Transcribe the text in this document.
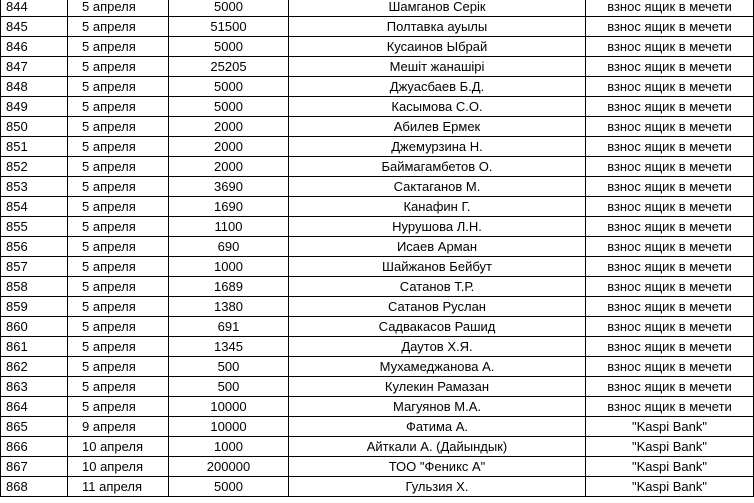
844	5 апреля	5000	Шамганов Серік	взнос ящик в мечети
845	5 апреля	51500	Полтавка ауылы	взнос ящик в мечети
846	5 апреля	5000	Кусаинов Ыбрай	взнос ящик в мечети
847	5 апреля	25205	Мешіт жанашірі	взнос ящик в мечети
848	5 апреля	5000	Джуасбаев Б.Д.	взнос ящик в мечети
849	5 апреля	5000	Касымова С.О.	взнос ящик в мечети
850	5 апреля	2000	Абилев Ермек	взнос ящик в мечети
851	5 апреля	2000	Джемурзина Н.	взнос ящик в мечети
852	5 апреля	2000	Баймагамбетов О.	взнос ящик в мечети
853	5 апреля	3690	Сактаганов М.	взнос ящик в мечети
854	5 апреля	1690	Канафин Г.	взнос ящик в мечети
855	5 апреля	1100	Нурушова Л.Н.	взнос ящик в мечети
856	5 апреля	690	Исаев Арман	взнос ящик в мечети
857	5 апреля	1000	Шайжанов Бейбут	взнос ящик в мечети
858	5 апреля	1689	Сатанов Т.Р.	взнос ящик в мечети
859	5 апреля	1380	Сатанов Руслан	взнос ящик в мечети
860	5 апреля	691	Садвакасов Рашид	взнос ящик в мечети
861	5 апреля	1345	Даутов Х.Я.	взнос ящик в мечети
862	5 апреля	500	Мухамеджанова А.	взнос ящик в мечети
863	5 апреля	500	Кулекин Рамазан	взнос ящик в мечети
864	5 апреля	10000	Магуянов М.А.	взнос ящик в мечети
865	9 апреля	10000	Фатима А.	"Kaspi Bank"
866	10 апреля	1000	Айткали А. (Дайындык)	"Kaspi Bank"
867	10 апреля	200000	ТОО "Феникс А"	"Kaspi Bank"
868	11 апреля	5000	Гульзия Х.	"Kaspi Bank"
